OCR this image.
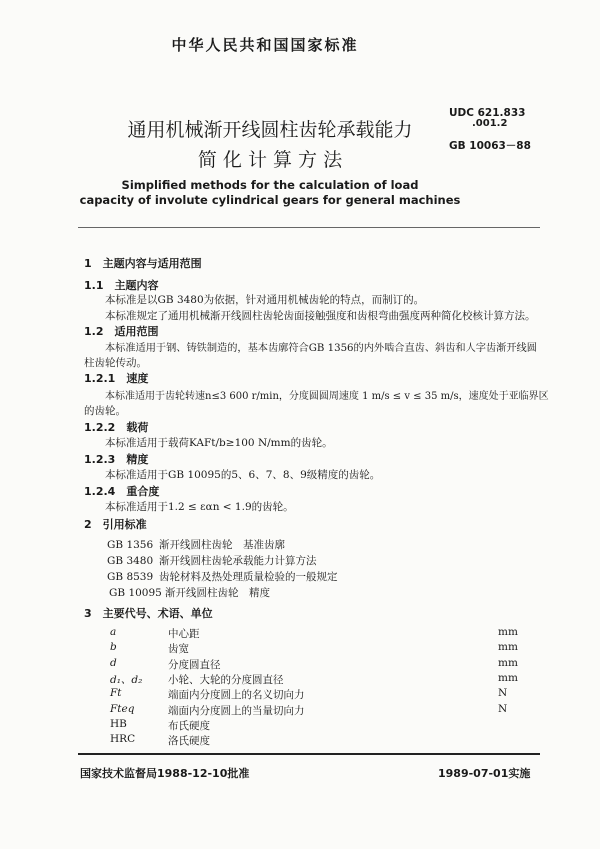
中华人民共和国国家标准
通用机械渐开线圆柱齿轮承载能力
简 化 计 算 方 法
Simplified methods for the calculation of load
capacity of involute cylindrical gears for general machines
UDC 621.833
.001.2
GB 10063－88
1　主题内容与适用范围
1.1　主题内容
本标准是以GB 3480为依据，针对通用机械齿轮的特点，而制订的。
本标准规定了通用机械渐开线圆柱齿轮齿面接触强度和齿根弯曲强度两种简化校核计算方法。
1.2　适用范围
本标准适用于钢、铸铁制造的，基本齿廓符合GB 1356的内外啮合直齿、斜齿和人字齿渐开线圆
柱齿轮传动。
1.2.1　速度
本标准适用于齿轮转速n≤3 600 r/min，分度圆圆周速度 1 m/s ≤ v ≤ 35 m/s，速度处于亚临界区
的齿轮。
1.2.2　载荷
本标准适用于载荷KAFt/b≥100 N/mm的齿轮。
1.2.3　精度
本标准适用于GB 10095的5、6、7、8、9级精度的齿轮。
1.2.4　重合度
本标准适用于1.2 ≤ εαn < 1.9的齿轮。
2　引用标准
GB 1356 渐开线圆柱齿轮　基准齿廓
GB 3480 渐开线圆柱齿轮承载能力计算方法
GB 8539 齿轮材料及热处理质量检验的一般规定
GB 10095 渐开线圆柱齿轮　精度
3　主要代号、术语、单位
a	中心距	mm
b	齿宽	mm
d	分度圆直径	mm
d₁、d₂ 小轮、大轮的分度圆直径	mm
Ft	端面内分度圆上的名义切向力	N
Fteq	端面内分度圆上的当量切向力	N
HB	布氏硬度
HRC	洛氏硬度
国家技术监督局1988-12-10批准	1989-07-01实施
